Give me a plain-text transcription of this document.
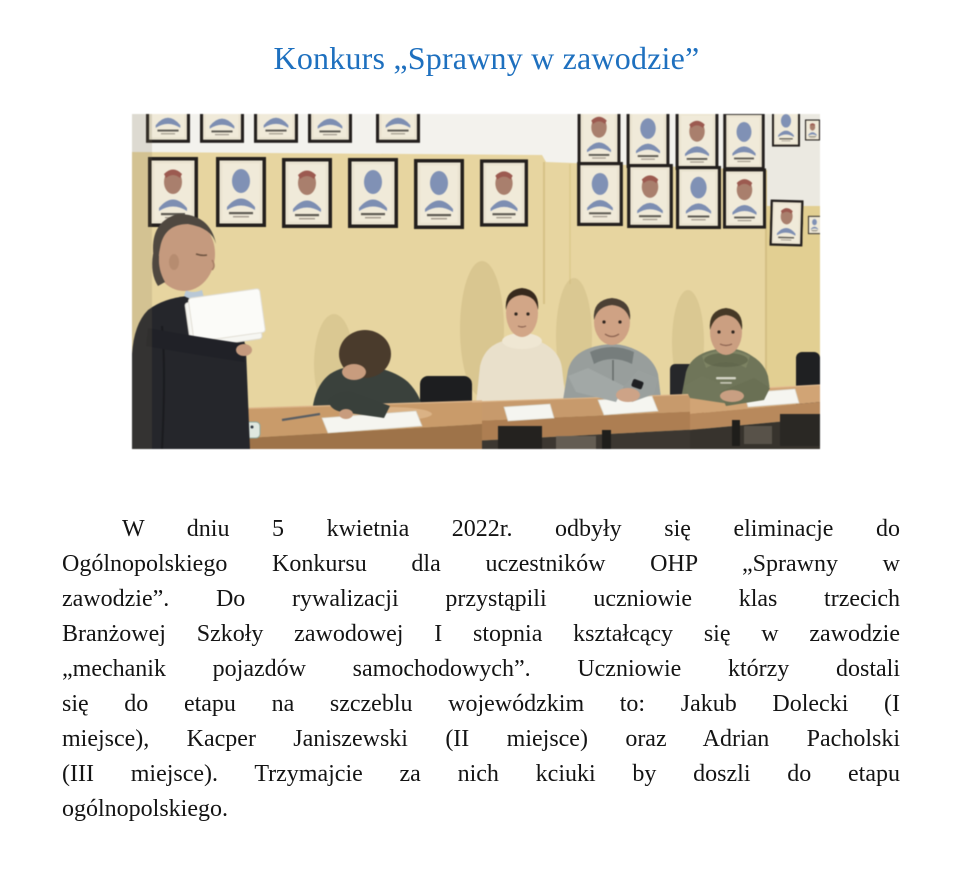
Konkurs „Sprawny w zawodzie”
W dniu 5 kwietnia 2022r. odbyły się eliminacje do
Ogólnopolskiego Konkursu dla uczestników OHP „Sprawny w
zawodzie”. Do rywalizacji przystąpili uczniowie klas trzecich
Branżowej Szkoły zawodowej I stopnia kształcący się w zawodzie
„mechanik pojazdów samochodowych”. Uczniowie którzy dostali
się do etapu na szczeblu wojewódzkim to: Jakub Dolecki (I
miejsce), Kacper Janiszewski (II miejsce) oraz Adrian Pacholski
(III miejsce). Trzymajcie za nich kciuki by doszli do etapu
ogólnopolskiego.
